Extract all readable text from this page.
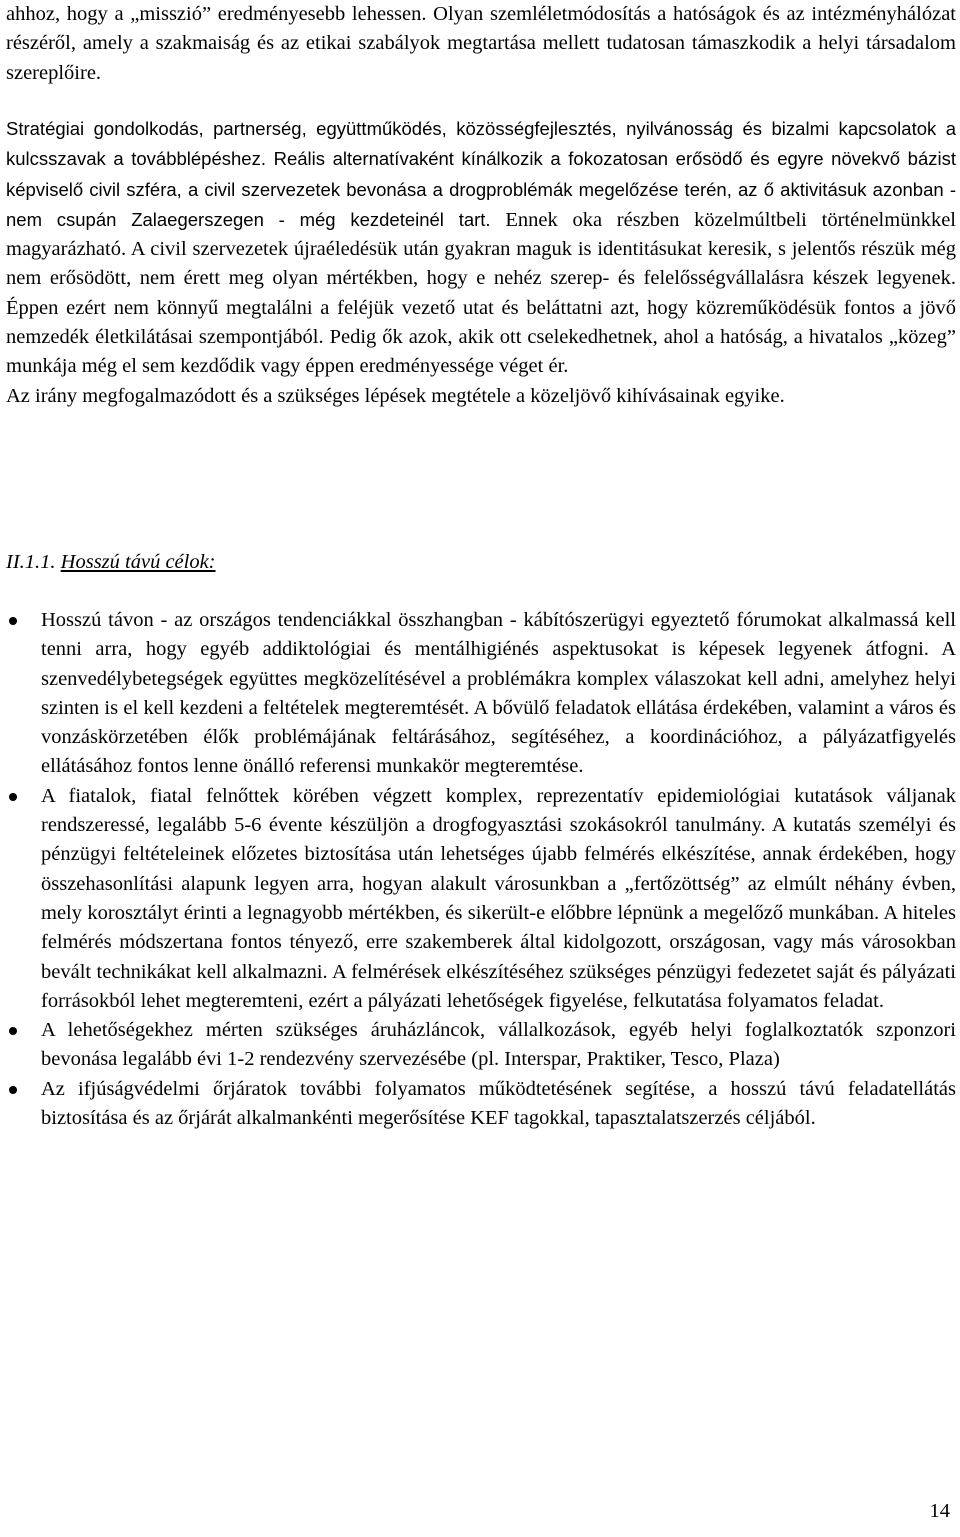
ahhoz, hogy a „misszió” eredményesebb lehessen. Olyan szemléletmódosítás a hatóságok és az intézményhálózat részéről, amely a szakmaiság és az etikai szabályok megtartása mellett tudatosan támaszkodik a helyi társadalom szereplőire.

Stratégiai gondolkodás, partnerség, együttműködés, közösségfejlesztés, nyilvánosság és bizalmi kapcsolatok a kulcsszavak a továbblépéshez. Reális alternatívaként kínálkozik a fokozatosan erősödő és egyre növekvő bázist képviselő civil szféra, a civil szervezetek bevonása a drogproblémák megelőzése terén, az ő aktivitásuk azonban - nem csupán Zalaegerszegen - még kezdeteinél tart. Ennek oka részben közelmúltbeli történelmünkkel magyarázható. A civil szervezetek újraéledésük után gyakran maguk is identitásukat keresik, s jelentős részük még nem erősödött, nem érett meg olyan mértékben, hogy e nehéz szerep- és felelősségvállalásra készek legyenek. Éppen ezért nem könnyű megtalálni a feléjük vezető utat és beláttatni azt, hogy közreműködésük fontos a jövő nemzedék életkilátásai szempontjából. Pedig ők azok, akik ott cselekedhetnek, ahol a hatóság, a hivatalos „közeg” munkája még el sem kezdődik vagy éppen eredményessége véget ér.

Az irány megfogalmazódott és a szükséges lépések megtétele a közeljövő kihívásainak egyike.

II.1.1. Hosszú távú célok:
Hosszú távon - az országos tendenciákkal összhangban - kábítószerügyi egyeztető fórumokat alkalmassá kell tenni arra, hogy egyéb addiktológiai és mentálhigiénés aspektusokat is képesek legyenek átfogni. A szenvedélybetegségek együttes megközelítésével a problémákra komplex válaszokat kell adni, amelyhez helyi szinten is el kell kezdeni a feltételek megteremtését. A bővülő feladatok ellátása érdekében, valamint a város és vonzáskörzetében élők problémájának feltárásához, segítéséhez, a koordinációhoz, a pályázatfigyelés ellátásához fontos lenne önálló referensi munkakör megteremtése.
A fiatalok, fiatal felnőttek körében végzett komplex, reprezentatív epidemiológiai kutatások váljanak rendszeressé, legalább 5-6 évente készüljön a drogfogyasztási szokásokról tanulmány. A kutatás személyi és pénzügyi feltételeinek előzetes biztosítása után lehetséges újabb felmérés elkészítése, annak érdekében, hogy összehasonlítási alapunk legyen arra, hogyan alakult városunkban a „fertőzöttség” az elmúlt néhány évben, mely korosztályt érinti a legnagyobb mértékben, és sikerült-e előbbre lépnünk a megelőző munkában. A hiteles felmérés módszertana fontos tényező, erre szakemberek által kidolgozott, országosan, vagy más városokban bevált technikákat kell alkalmazni. A felmérések elkészítéséhez szükséges pénzügyi fedezetet saját és pályázati forrásokból lehet megteremteni, ezért a pályázati lehetőségek figyelése, felkutatása folyamatos feladat.
A lehetőségekhez mérten szükséges áruházláncok, vállalkozások, egyéb helyi foglalkoztatók szponzori bevonása legalább évi 1-2 rendezvény szervezésébe (pl. Interspar, Praktiker, Tesco, Plaza)
Az ifjúságvédelmi őrjáratok további folyamatos működtetésének segítése, a hosszú távú feladatellátás biztosítása és az őrjárát alkalmankénti megerősítése KEF tagokkal, tapasztalatszerzés céljából.
14
